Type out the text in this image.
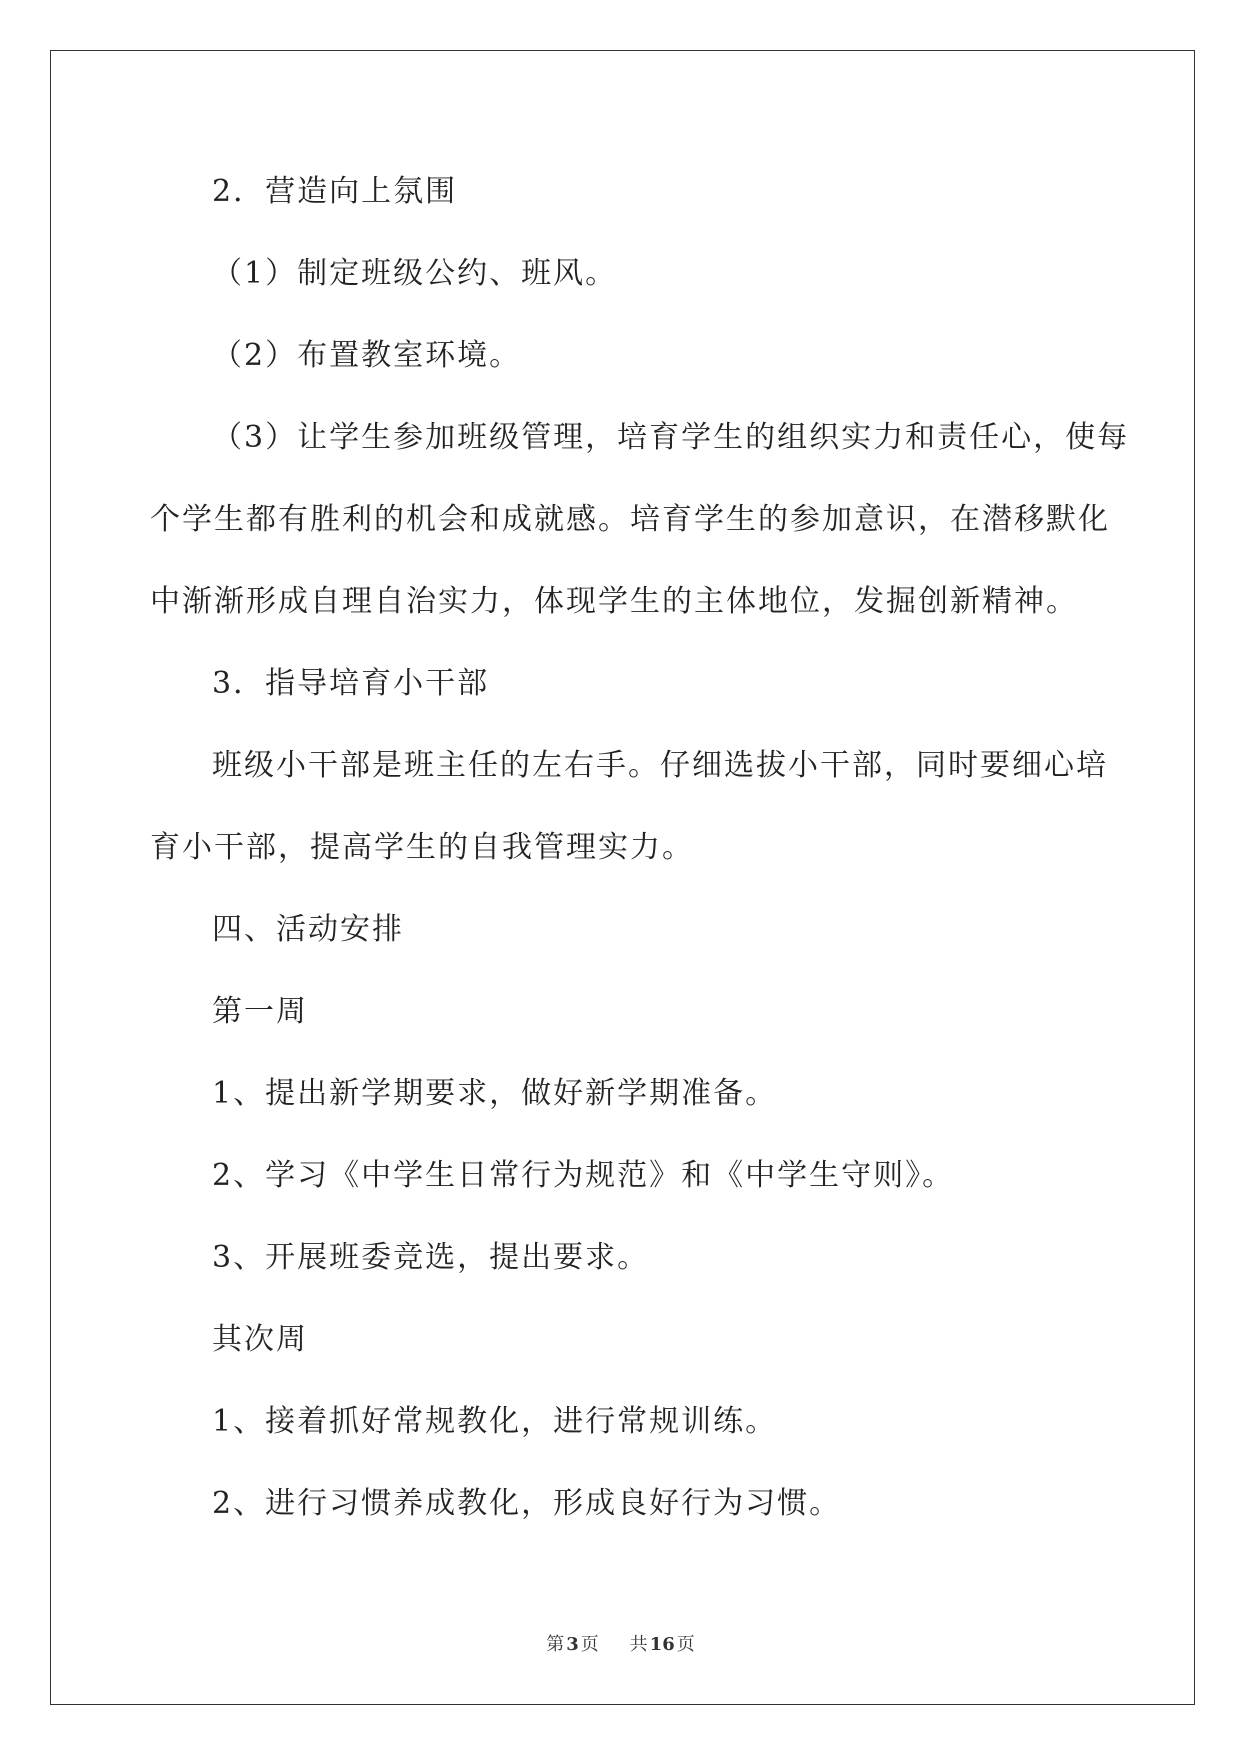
2．营造向上氛围
（1）制定班级公约、班风。
（2）布置教室环境。
（3）让学生参加班级管理，培育学生的组织实力和责任心，使每
个学生都有胜利的机会和成就感。培育学生的参加意识，在潜移默化
中渐渐形成自理自治实力，体现学生的主体地位，发掘创新精神。
3．指导培育小干部
班级小干部是班主任的左右手。仔细选拔小干部，同时要细心培
育小干部，提高学生的自我管理实力。
四、活动安排
第一周
1、提出新学期要求，做好新学期准备。
2、学习《中学生日常行为规范》和《中学生守则》。
3、开展班委竞选，提出要求。
其次周
1、接着抓好常规教化，进行常规训练。
2、进行习惯养成教化，形成良好行为习惯。
第 3 页 共 16 页
